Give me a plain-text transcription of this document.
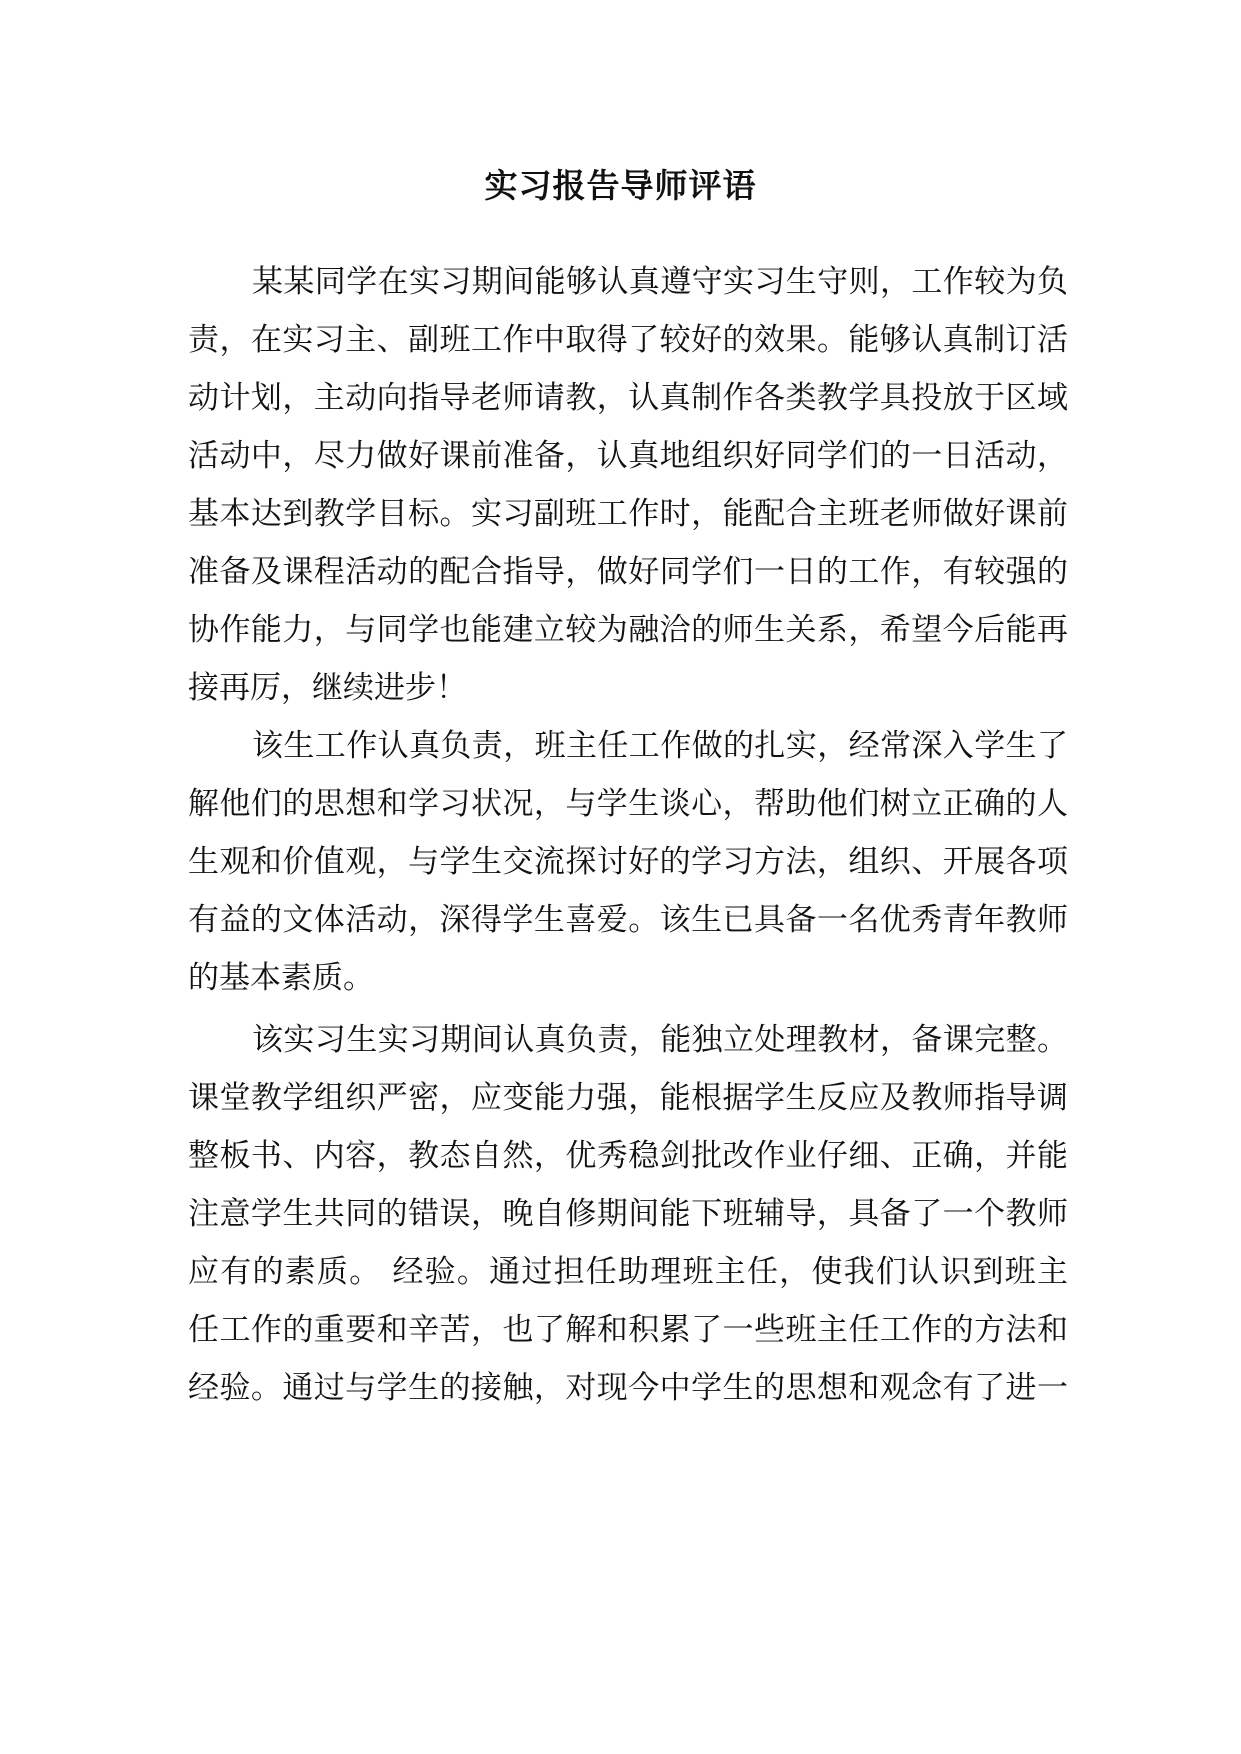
实习报告导师评语

某某同学在实习期间能够认真遵守实习生守则，工作较为负

责，在实习主、副班工作中取得了较好的效果。能够认真制订活

动计划，主动向指导老师请教，认真制作各类教学具投放于区域

活动中，尽力做好课前准备，认真地组织好同学们的一日活动，

基本达到教学目标。实习副班工作时，能配合主班老师做好课前

准备及课程活动的配合指导，做好同学们一日的工作，有较强的

协作能力，与同学也能建立较为融洽的师生关系，希望今后能再

接再厉，继续进步！

该生工作认真负责，班主任工作做的扎实，经常深入学生了

解他们的思想和学习状况，与学生谈心，帮助他们树立正确的人

生观和价值观，与学生交流探讨好的学习方法，组织、开展各项

有益的文体活动，深得学生喜爱。该生已具备一名优秀青年教师

的基本素质。

该实习生实习期间认真负责，能独立处理教材，备课完整。

课堂教学组织严密，应变能力强，能根据学生反应及教师指导调

整板书、内容，教态自然，优秀稳剑批改作业仔细、正确，并能

注意学生共同的错误，晚自修期间能下班辅导，具备了一个教师

应有的素质。 经验。通过担任助理班主任，使我们认识到班主

任工作的重要和辛苦，也了解和积累了一些班主任工作的方法和

经验。通过与学生的接触，对现今中学生的思想和观念有了进一
